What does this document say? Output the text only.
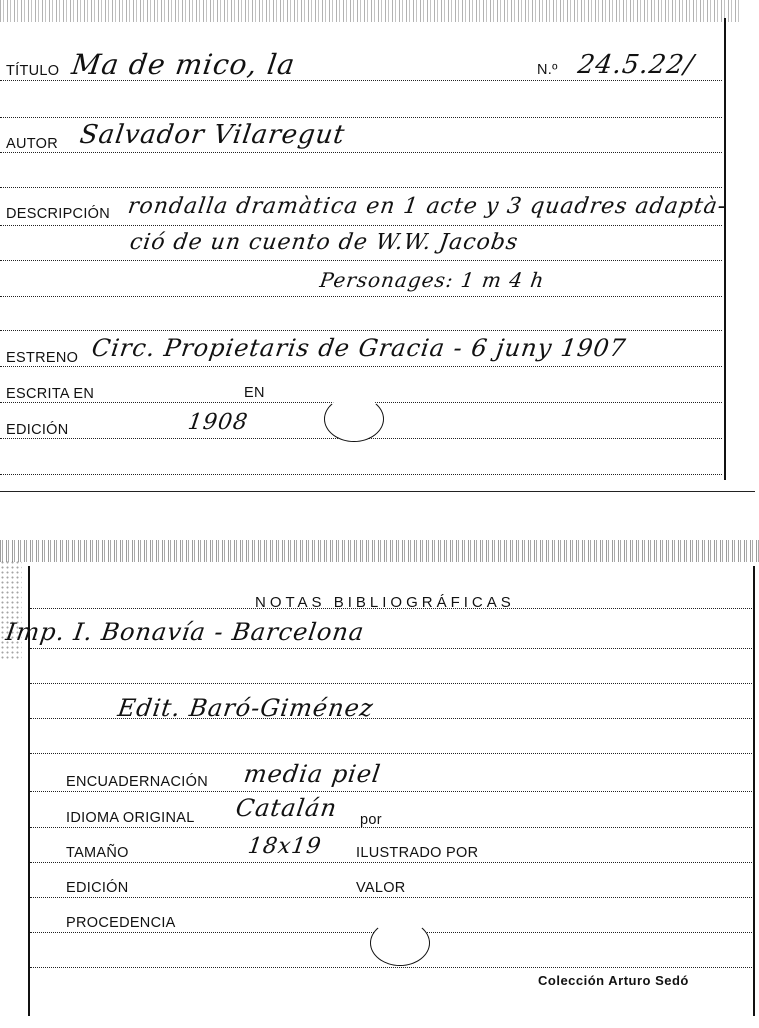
TÍTULO Ma de mico, la	N.º 24.5.22/
AUTOR Salvador Vilaregut
DESCRIPCIÓN rondalla dramàtica en 1 acte y 3 quadres adaptà-
ció de un cuento de W.W. Jacobs
Personages: 1 m 4 h
ESTRENO Circ. Propietaris de Gracia - 6 juny 1907
ESCRITA EN	EN
EDICIÓN	1908
NOTAS BIBLIOGRÁFICAS
Imp. I. Bonavía - Barcelona
Edit. Baró-Giménez
ENCUADERNACIÓN media piel
IDIOMA ORIGINAL Catalán por
TAMAÑO	18x19 ILUSTRADO POR
EDICIÓN	VALOR
PROCEDENCIA
Colección Arturo Sedó
